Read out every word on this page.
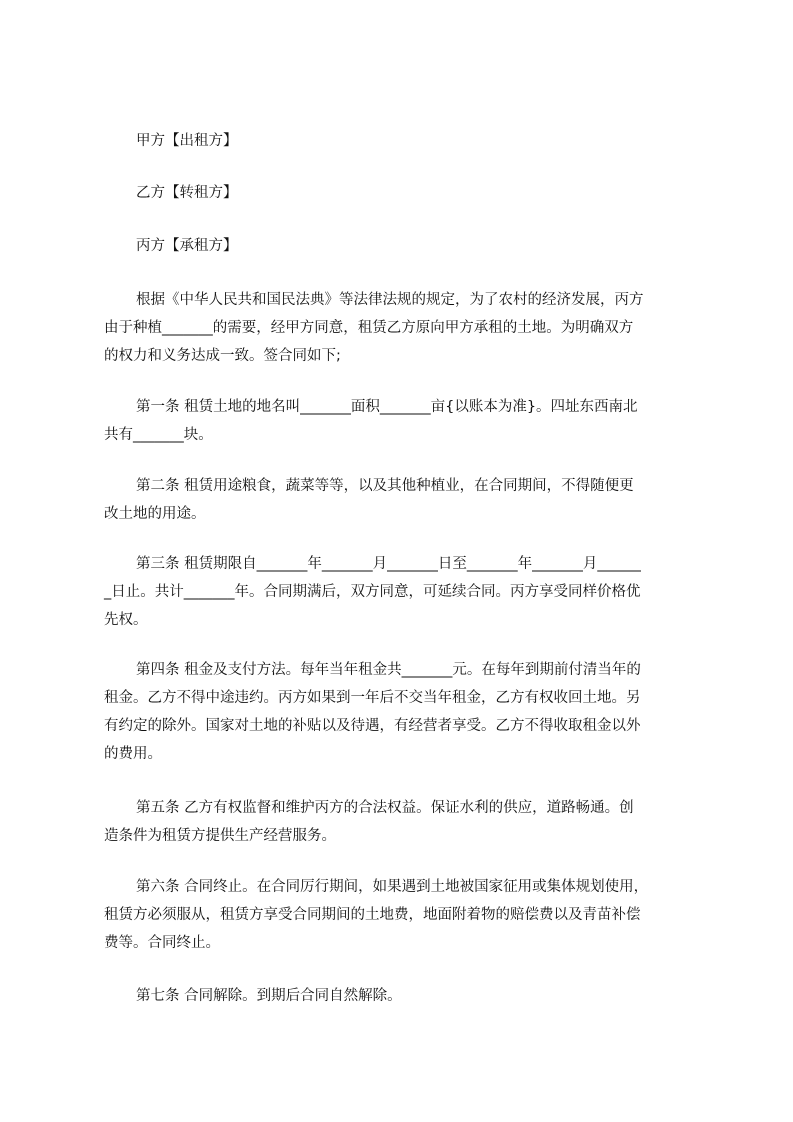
甲方【出租方】

乙方【转租方】

丙方【承租方】

根据《中华人民共和国民法典》等法律法规的规定，为了农村的经济发展，丙方
由于种植_______的需要，经甲方同意，租赁乙方原向甲方承租的土地。为明确双方
的权力和义务达成一致。签合同如下;

第一条 租赁土地的地名叫_______面积_______亩{以账本为准}。四址东西南北
共有_______块。

第二条 租赁用途粮食，蔬菜等等，以及其他种植业，在合同期间，不得随便更
改土地的用途。

第三条 租赁期限自_______年_______月_______日至_______年_______月______
_日止。共计_______年。合同期满后，双方同意，可延续合同。丙方享受同样价格优
先权。

第四条 租金及支付方法。每年当年租金共_______元。在每年到期前付清当年的
租金。乙方不得中途违约。丙方如果到一年后不交当年租金，乙方有权收回土地。另
有约定的除外。国家对土地的补贴以及待遇，有经营者享受。乙方不得收取租金以外
的费用。

第五条 乙方有权监督和维护丙方的合法权益。保证水利的供应，道路畅通。创
造条件为租赁方提供生产经营服务。

第六条 合同终止。在合同厉行期间，如果遇到土地被国家征用或集体规划使用，
租赁方必须服从，租赁方享受合同期间的土地费，地面附着物的赔偿费以及青苗补偿
费等。合同终止。

第七条 合同解除。到期后合同自然解除。
